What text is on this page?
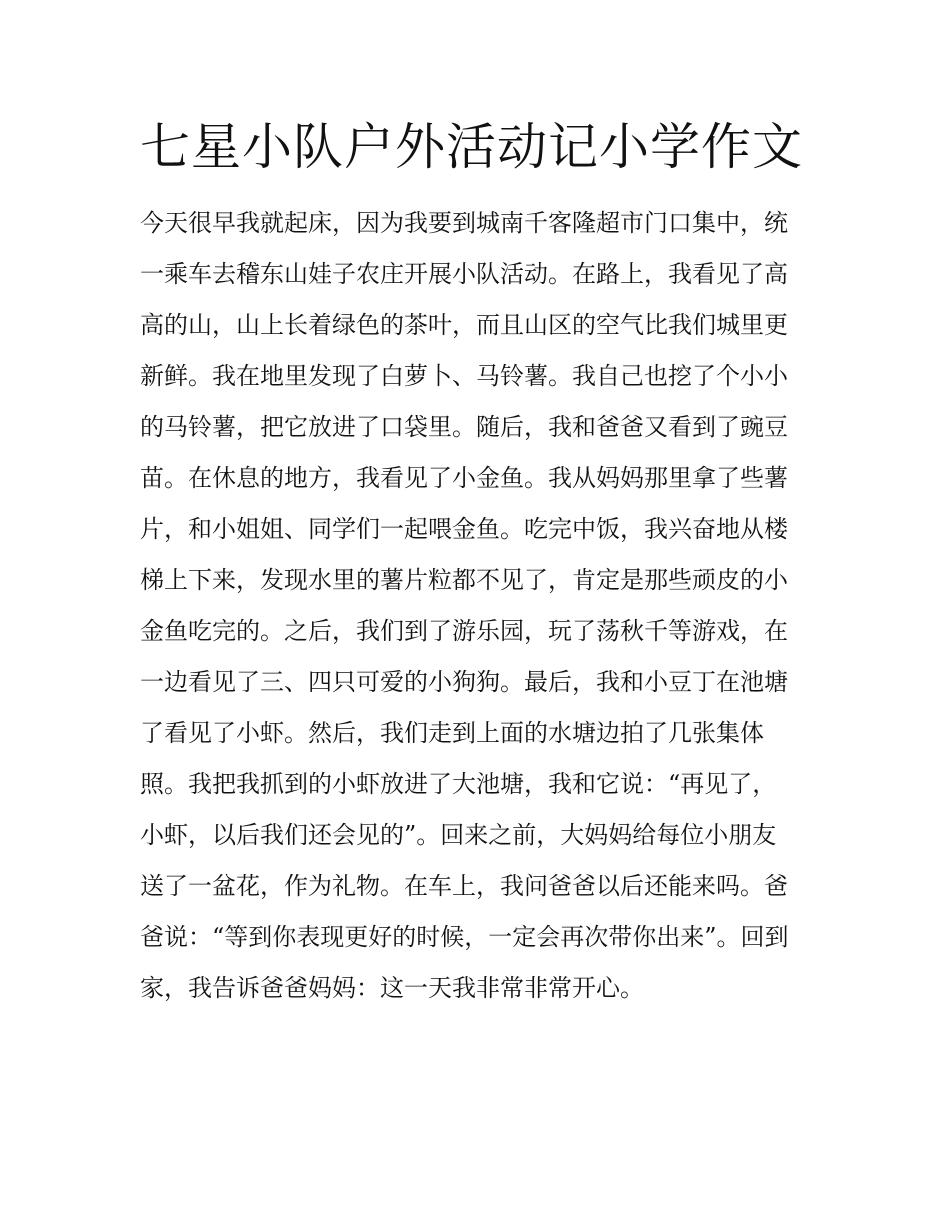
七星小队户外活动记小学作文
今天很早我就起床，因为我要到城南千客隆超市门口集中，统
一乘车去稽东山娃子农庄开展小队活动。在路上，我看见了高
高的山，山上长着绿色的茶叶，而且山区的空气比我们城里更
新鲜。我在地里发现了白萝卜、马铃薯。我自己也挖了个小小
的马铃薯，把它放进了口袋里。随后，我和爸爸又看到了豌豆
苗。在休息的地方，我看见了小金鱼。我从妈妈那里拿了些薯
片，和小姐姐、同学们一起喂金鱼。吃完中饭，我兴奋地从楼
梯上下来，发现水里的薯片粒都不见了，肯定是那些顽皮的小
金鱼吃完的。之后，我们到了游乐园，玩了荡秋千等游戏，在
一边看见了三、四只可爱的小狗狗。最后，我和小豆丁在池塘
了看见了小虾。然后，我们走到上面的水塘边拍了几张集体
照。我把我抓到的小虾放进了大池塘，我和它说：“再见了，
小虾，以后我们还会见的”。回来之前，大妈妈给每位小朋友
送了一盆花，作为礼物。在车上，我问爸爸以后还能来吗。爸
爸说：“等到你表现更好的时候，一定会再次带你出来”。回到
家，我告诉爸爸妈妈：这一天我非常非常开心。
